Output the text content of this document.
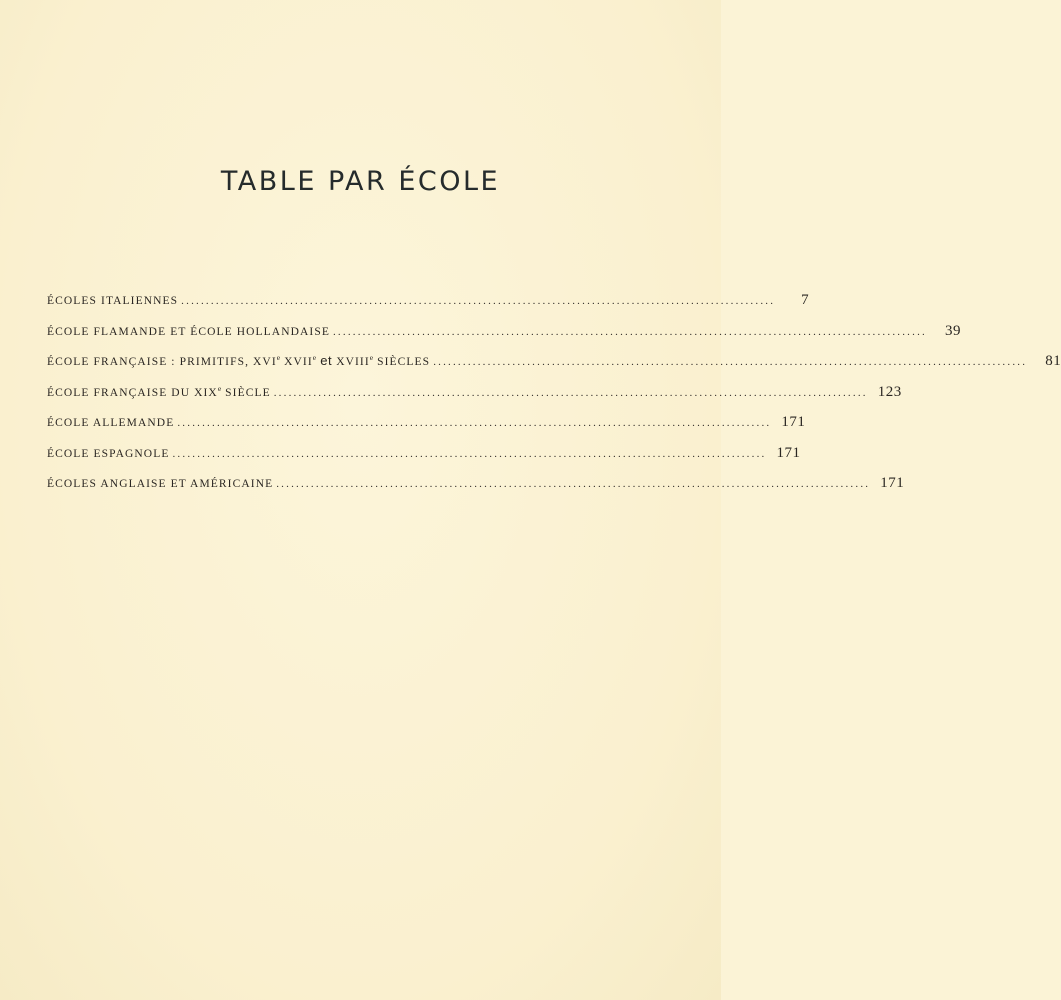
TABLE PAR ÉCOLE
ÉCOLES ITALIENNES ........................................................................................................................	7
ÉCOLE FLAMANDE ET ÉCOLE HOLLANDAISE ........................................................................................................................	39
ÉCOLE FRANÇAISE : PRIMITIFS, XVIe XVIIe et XVIIIe SIÈCLES ........................................................................................................................	81
ÉCOLE FRANÇAISE DU XIXe SIÈCLE ........................................................................................................................ 123
ÉCOLE ALLEMANDE ........................................................................................................................ 171
ÉCOLE ESPAGNOLE ........................................................................................................................ 171
ÉCOLES ANGLAISE ET AMÉRICAINE ........................................................................................................................ 171
